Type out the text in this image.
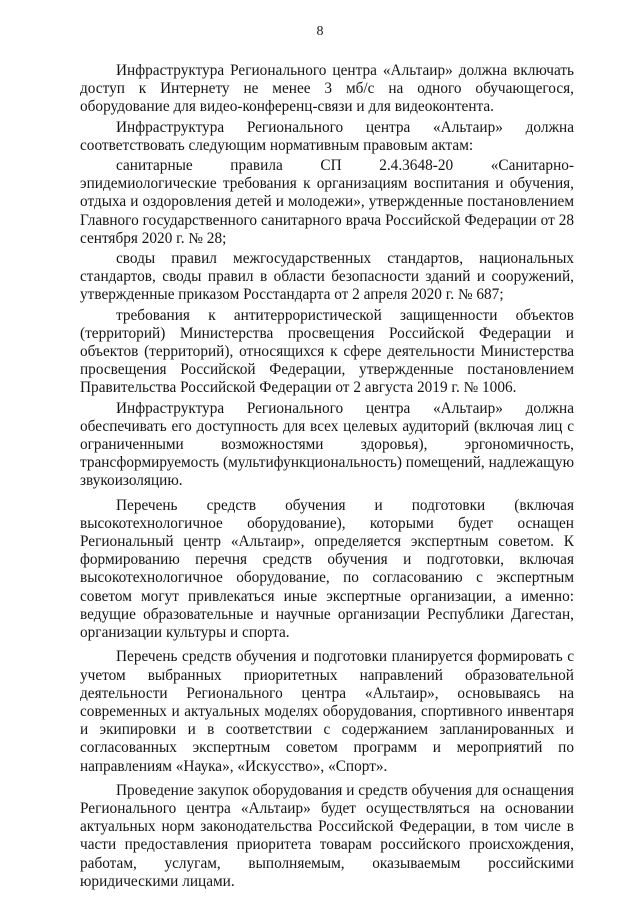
8

Инфраструктура Регионального центра «Альтаир» должна включать доступ к Интернету не менее 3 мб/с на одного обучающегося, оборудование для видео-конференц-связи и для видеоконтента.

Инфраструктура Регионального центра «Альтаир» должна соответствовать следующим нормативным правовым актам:

санитарные правила СП 2.4.3648-20 «Санитарно-эпидемиологические требования к организациям воспитания и обучения, отдыха и оздоровления детей и молодежи», утвержденные постановлением Главного государственного санитарного врача Российской Федерации от 28 сентября 2020 г. № 28;

своды правил межгосударственных стандартов, национальных стандартов, своды правил в области безопасности зданий и сооружений, утвержденные приказом Росстандарта от 2 апреля 2020 г. № 687;

требования к антитеррористической защищенности объектов (территорий) Министерства просвещения Российской Федерации и объектов (территорий), относящихся к сфере деятельности Министерства просвещения Российской Федерации, утвержденные постановлением Правительства Российской Федерации от 2 августа 2019 г. № 1006.

Инфраструктура Регионального центра «Альтаир» должна обеспечивать его доступность для всех целевых аудиторий (включая лиц с ограниченными возможностями здоровья), эргономичность, трансформируемость (мультифункциональность) помещений, надлежащую звукоизоляцию.

Перечень средств обучения и подготовки (включая высокотехнологичное оборудование), которыми будет оснащен Региональный центр «Альтаир», определяется экспертным советом. К формированию перечня средств обучения и подготовки, включая высокотехнологичное оборудование, по согласованию с экспертным советом могут привлекаться иные экспертные организации, а именно: ведущие образовательные и научные организации Республики Дагестан, организации культуры и спорта.

Перечень средств обучения и подготовки планируется формировать с учетом выбранных приоритетных направлений образовательной деятельности Регионального центра «Альтаир», основываясь на современных и актуальных моделях оборудования, спортивного инвентаря и экипировки и в соответствии с содержанием запланированных и согласованных экспертным советом программ и мероприятий по направлениям «Наука», «Искусство», «Спорт».

Проведение закупок оборудования и средств обучения для оснащения Регионального центра «Альтаир» будет осуществляться на основании актуальных норм законодательства Российской Федерации, в том числе в части предоставления приоритета товарам российского происхождения, работам, услугам, выполняемым, оказываемым российскими юридическими лицами.
